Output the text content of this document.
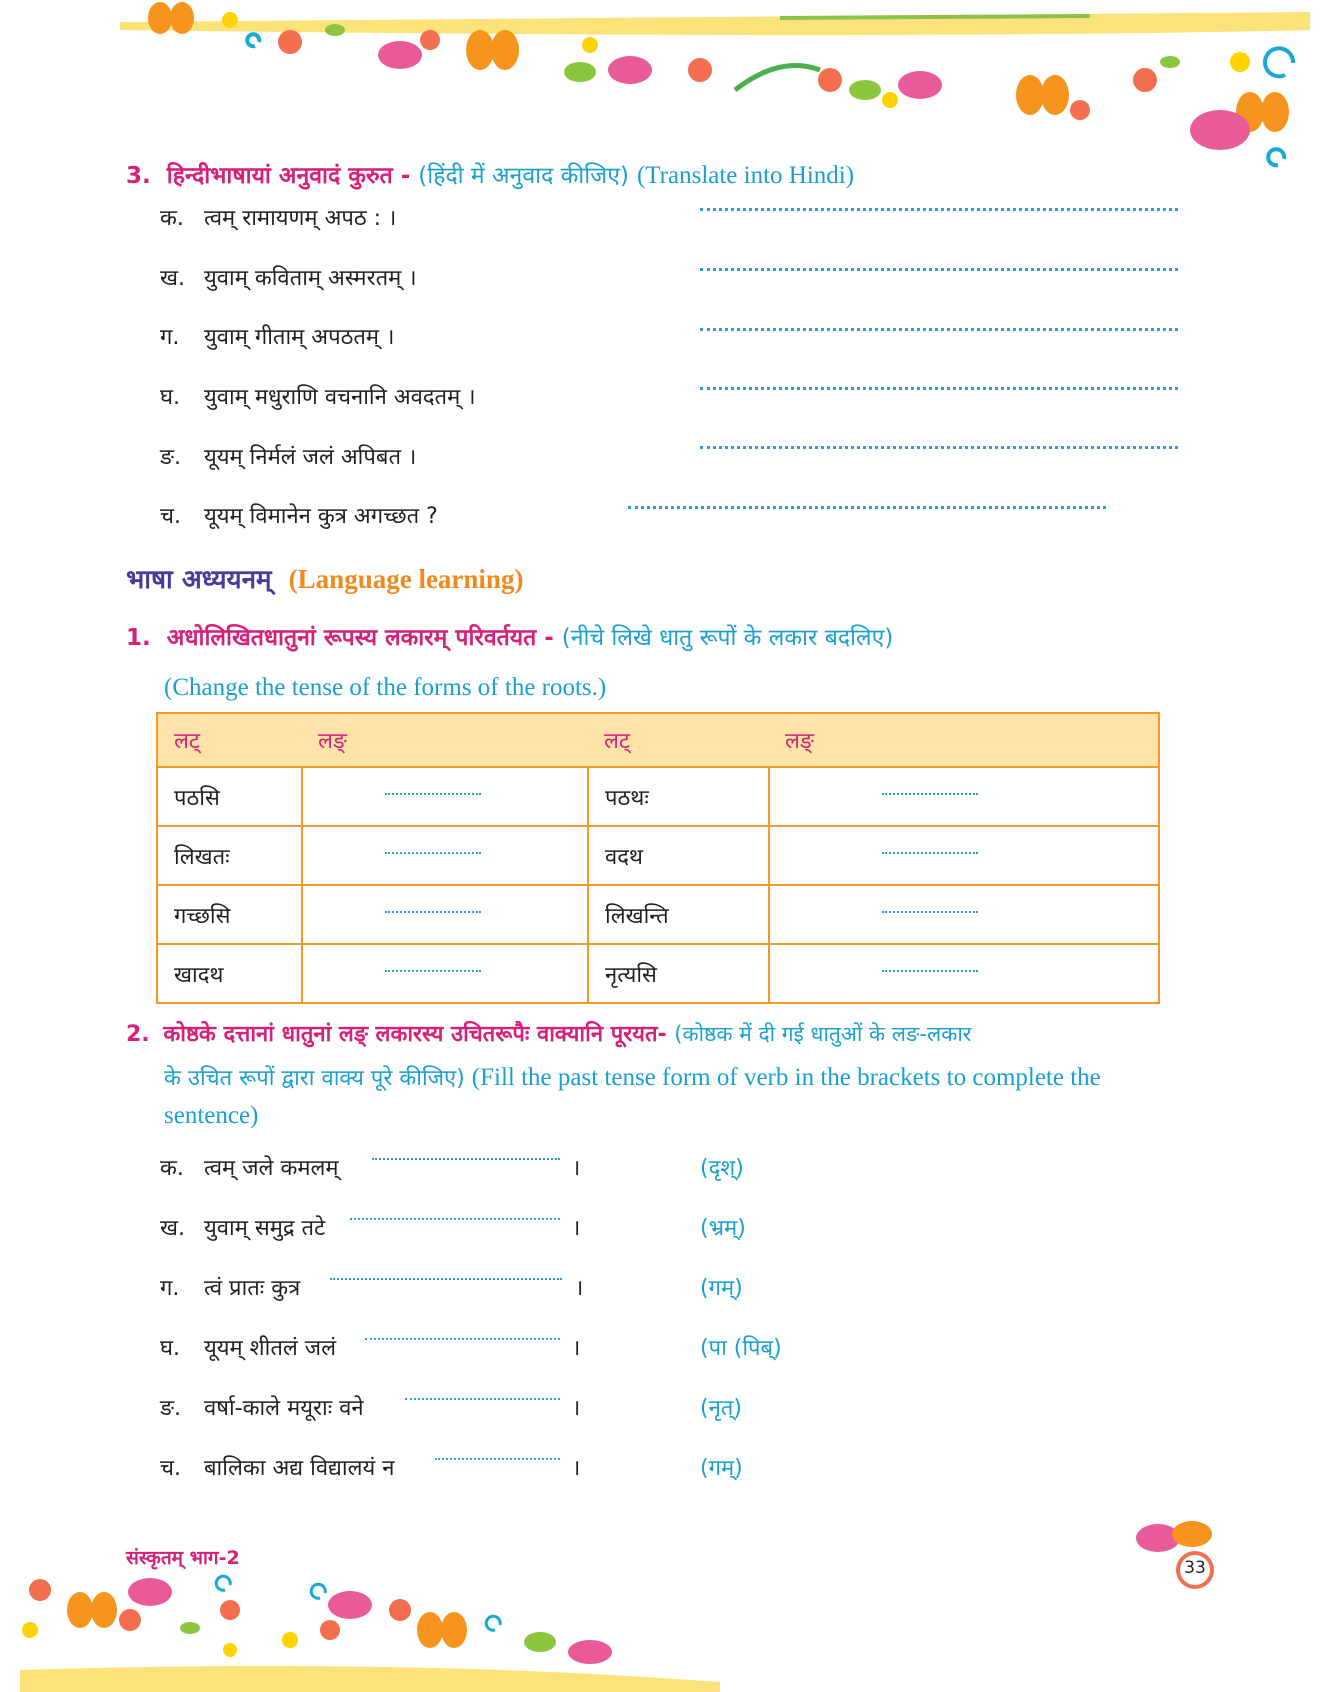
3. हिन्दीभाषायां अनुवादं कुरुत - (हिंदी में अनुवाद कीजिए) (Translate into Hindi)
क. त्वम् रामायणम् अपठ : ।
ख. युवाम् कविताम् अस्मरतम् ।
ग. युवाम् गीताम् अपठतम् ।
घ. युवाम् मधुराणि वचनानि अवदतम् ।
ङ. यूयम् निर्मलं जलं अपिबत ।
च. यूयम् विमानेन कुत्र अगच्छत ?
भाषा अध्ययनम् (Language learning)
1. अधोलिखितधातुनां रूपस्य लकारम् परिवर्तयत - (नीचे लिखे धातु रूपों के लकार बदलिए)
(Change the tense of the forms of the roots.)
लट्	लङ्	लट्	लङ्
पठसि		पठथः	
लिखतः		वदथ	
गच्छसि		लिखन्ति	
खादथ		नृत्यसि	
2. कोष्ठके दत्तानां धातुनां लङ् लकारस्य उचितरूपैः वाक्यानि पूरयत- (कोष्ठक में दी गई धातुओं के लङ-लकार
के उचित रूपों द्वारा वाक्य पूरे कीजिए) (Fill the past tense form of verb in the brackets to complete the
sentence)
क. त्वम् जले कमलम्	।	(दृश्)
ख. युवाम् समुद्र तटे	।	(भ्रम्)
ग. त्वं प्रातः कुत्र	।	(गम्)
घ. यूयम् शीतलं जलं	।	(पा (पिब्)
ङ. वर्षा-काले मयूराः वने	।	(नृत्)
च. बालिका अद्य विद्यालयं न	।	(गम्)
संस्कृतम् भाग-2	33
